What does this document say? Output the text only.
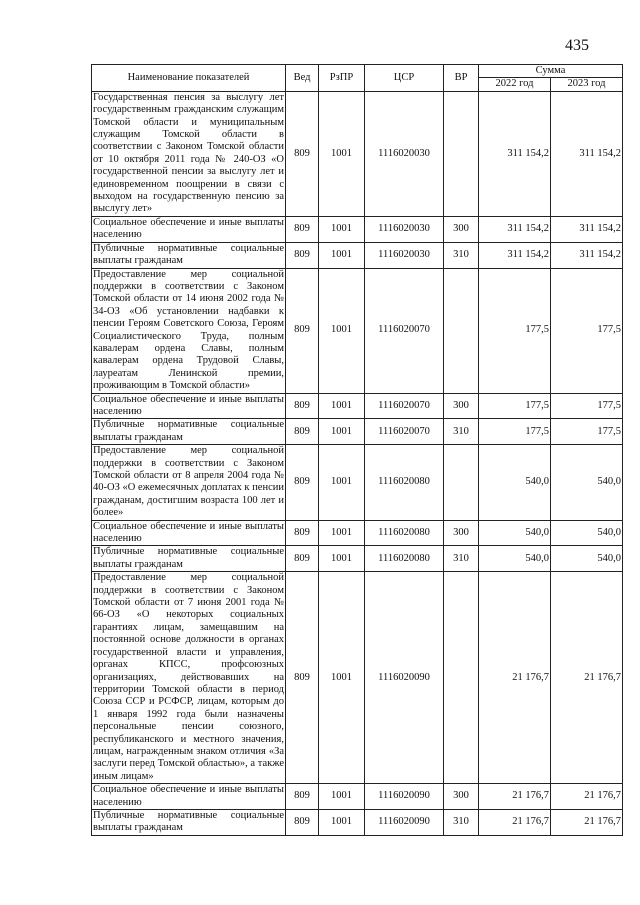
435
Наименование показателей	Вед	РзПР	ЦСР	ВР	Сумма	
					2022 год	2023 год
Государственная пенсия за выслугу лет государственным гражданским служащим Томской области и муниципальным служащим Томской области в соответствии с Законом Томской области от 10 октября 2011 года № 240-ОЗ «О государственной пенсии за выслугу лет и единовременном поощрении в связи с выходом на государственную пенсию за выслугу лет»	809	1001	1116020030		311 154,2	311 154,2
Социальное обеспечение и иные выплаты населению	809	1001	1116020030	300	311 154,2	311 154,2
Публичные нормативные социальные выплаты гражданам	809	1001	1116020030	310	311 154,2	311 154,2
Предоставление мер социальной поддержки в соответствии с Законом Томской области от 14 июня 2002 года № 34-ОЗ «Об установлении надбавки к пенсии Героям Советского Союза, Героям Социалистического Труда, полным кавалерам ордена Славы, полным кавалерам ордена Трудовой Славы, лауреатам Ленинской премии, проживающим в Томской области»	809	1001	1116020070		177,5	177,5
Социальное обеспечение и иные выплаты населению	809	1001	1116020070	300	177,5	177,5
Публичные нормативные социальные выплаты гражданам	809	1001	1116020070	310	177,5	177,5
Предоставление мер социальной поддержки в соответствии с Законом Томской области от 8 апреля 2004 года № 40-ОЗ «О ежемесячных доплатах к пенсии гражданам, достигшим возраста 100 лет и более»	809	1001	1116020080		540,0	540,0
Социальное обеспечение и иные выплаты населению	809	1001	1116020080	300	540,0	540,0
Публичные нормативные социальные выплаты гражданам	809	1001	1116020080	310	540,0	540,0
Предоставление мер социальной поддержки в соответствии с Законом Томской области от 7 июня 2001 года № 66-ОЗ «О некоторых социальных гарантиях лицам, замещавшим на постоянной основе должности в органах государственной власти и управления, органах КПСС, профсоюзных организациях, действовавших на территории Томской области в период Союза ССР и РСФСР, лицам, которым до 1 января 1992 года были назначены персональные пенсии союзного, республиканского и местного значения, лицам, награжденным знаком отличия «За заслуги перед Томской областью», а также иным лицам»	809	1001	1116020090		21 176,7	21 176,7
Социальное обеспечение и иные выплаты населению	809	1001	1116020090	300	21 176,7	21 176,7
Публичные нормативные социальные выплаты гражданам	809	1001	1116020090	310	21 176,7	21 176,7
